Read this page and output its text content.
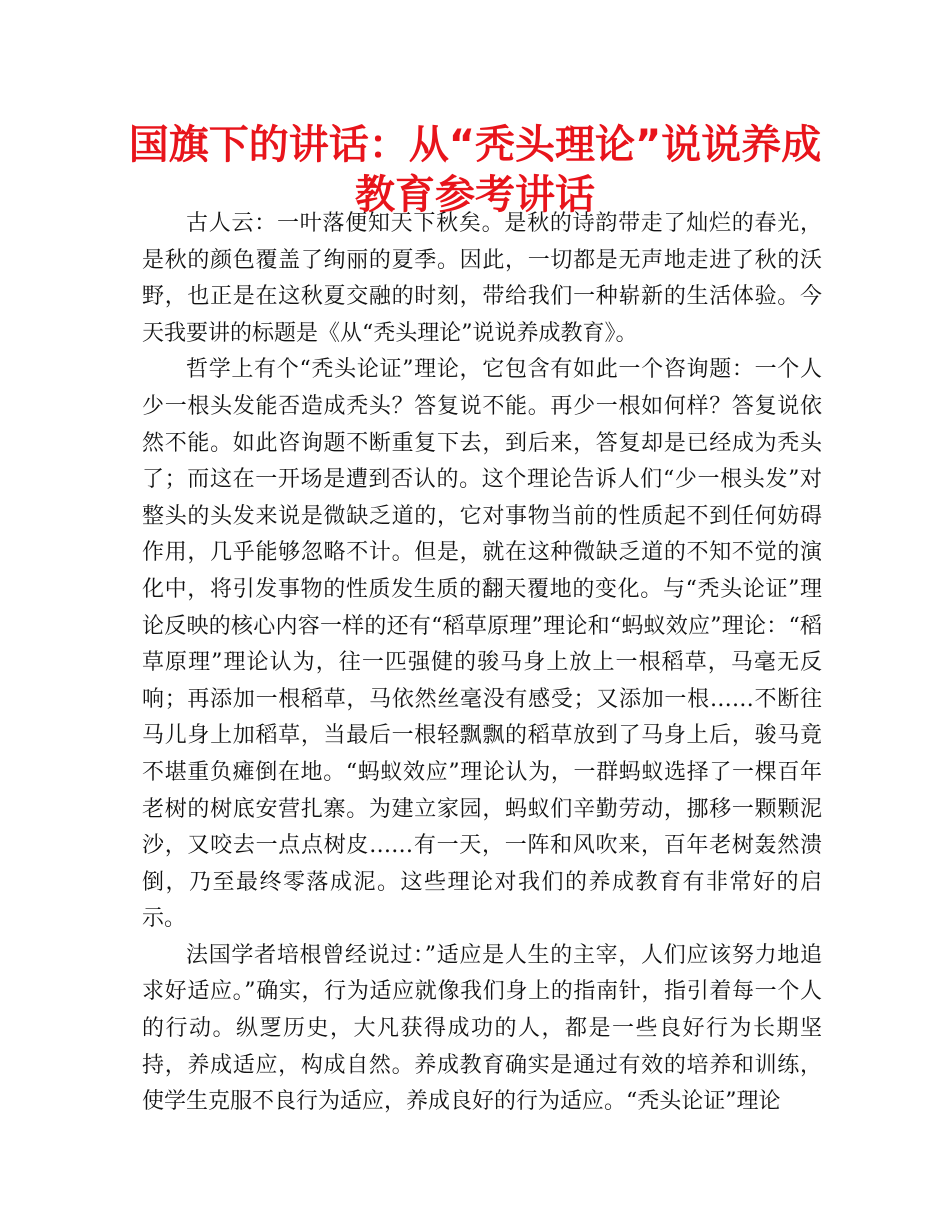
国旗下的讲话：从“秃头理论”说说养成教育参考讲话

古人云：一叶落便知天下秋矣。是秋的诗韵带走了灿烂的春光，是秋的颜色覆盖了绚丽的夏季。因此，一切都是无声地走进了秋的沃野，也正是在这秋夏交融的时刻，带给我们一种崭新的生活体验。今天我要讲的标题是《从“秃头理论”说说养成教育》。

哲学上有个“秃头论证”理论，它包含有如此一个咨询题：一个人少一根头发能否造成秃头？答复说不能。再少一根如何样？答复说依然不能。如此咨询题不断重复下去，到后来，答复却是已经成为秃头了；而这在一开场是遭到否认的。这个理论告诉人们“少一根头发”对整头的头发来说是微缺乏道的，它对事物当前的性质起不到任何妨碍作用，几乎能够忽略不计。但是，就在这种微缺乏道的不知不觉的演化中，将引发事物的性质发生质的翻天覆地的变化。与“秃头论证”理论反映的核心内容一样的还有“稻草原理”理论和“蚂蚁效应”理论：“稻草原理”理论认为，往一匹强健的骏马身上放上一根稻草，马毫无反响；再添加一根稻草，马依然丝毫没有感受；又添加一根……不断往马儿身上加稻草，当最后一根轻飘飘的稻草放到了马身上后，骏马竟不堪重负瘫倒在地。“蚂蚁效应”理论认为，一群蚂蚁选择了一棵百年老树的树底安营扎寨。为建立家园，蚂蚁们辛勤劳动，挪移一颗颗泥沙，又咬去一点点树皮……有一天，一阵和风吹来，百年老树轰然溃倒，乃至最终零落成泥。这些理论对我们的养成教育有非常好的启示。

法国学者培根曾经说过：”适应是人生的主宰，人们应该努力地追求好适应。”确实，行为适应就像我们身上的指南针，指引着每一个人的行动。纵覂历史，大凡获得成功的人，都是一些良好行为长期坚持，养成适应，构成自然。养成教育确实是通过有效的培养和训练，使学生克服不良行为适应，养成良好的行为适应。“秃头论证”理论
